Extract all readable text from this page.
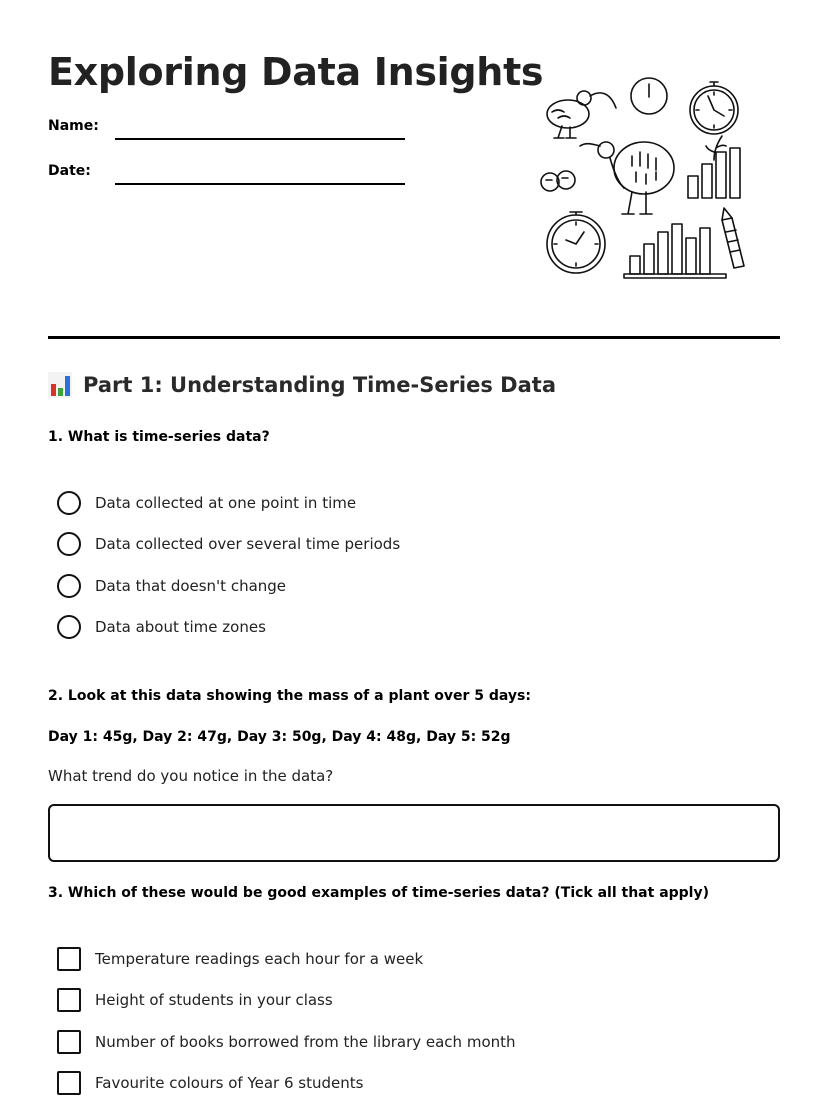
Exploring Data Insights
Name:
Date:
Part 1: Understanding Time-Series Data
1. What is time-series data?
Data collected at one point in time
Data collected over several time periods
Data that doesn't change
Data about time zones
2. Look at this data showing the mass of a plant over 5 days:
Day 1: 45g, Day 2: 47g, Day 3: 50g, Day 4: 48g, Day 5: 52g
What trend do you notice in the data?
3. Which of these would be good examples of time-series data? (Tick all that apply)
Temperature readings each hour for a week
Height of students in your class
Number of books borrowed from the library each month
Favourite colours of Year 6 students
